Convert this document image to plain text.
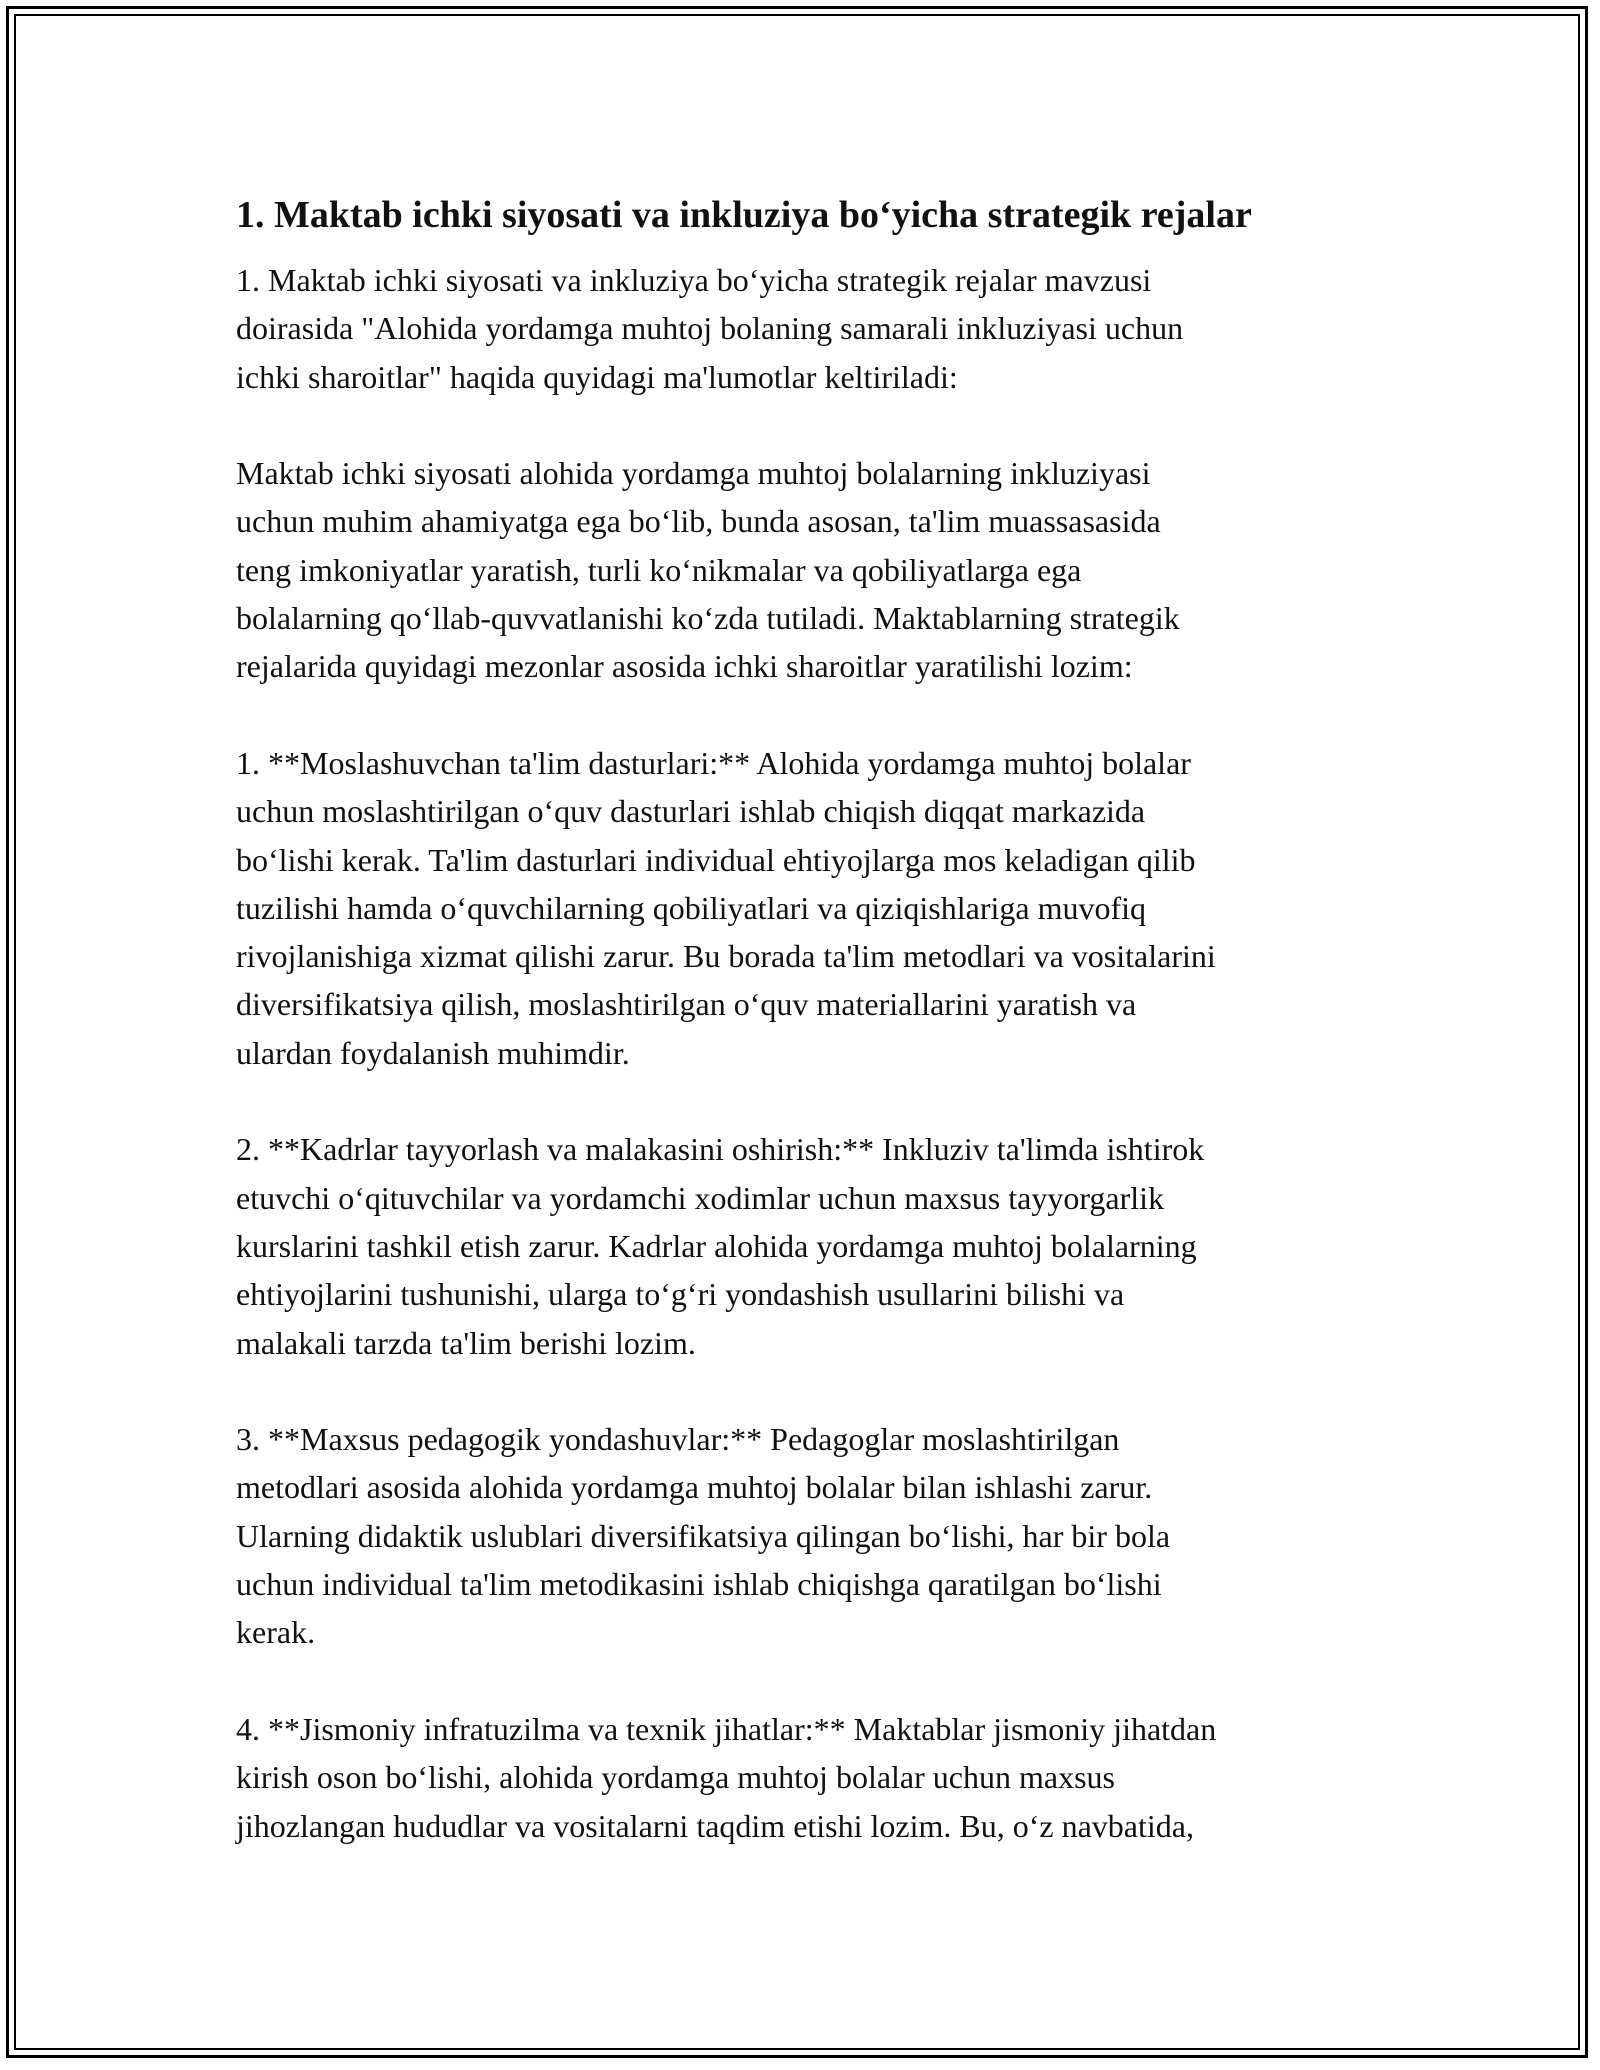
1. Maktab ichki siyosati va inkluziya bo‘yicha strategik rejalar

1. Maktab ichki siyosati va inkluziya bo‘yicha strategik rejalar mavzusi
doirasida "Alohida yordamga muhtoj bolaning samarali inkluziyasi uchun
ichki sharoitlar" haqida quyidagi ma'lumotlar keltiriladi:

Maktab ichki siyosati alohida yordamga muhtoj bolalarning inkluziyasi
uchun muhim ahamiyatga ega bo‘lib, bunda asosan, ta'lim muassasasida
teng imkoniyatlar yaratish, turli ko‘nikmalar va qobiliyatlarga ega
bolalarning qo‘llab-quvvatlanishi ko‘zda tutiladi. Maktablarning strategik
rejalarida quyidagi mezonlar asosida ichki sharoitlar yaratilishi lozim:

1. **Moslashuvchan ta'lim dasturlari:** Alohida yordamga muhtoj bolalar
uchun moslashtirilgan o‘quv dasturlari ishlab chiqish diqqat markazida
bo‘lishi kerak. Ta'lim dasturlari individual ehtiyojlarga mos keladigan qilib
tuzilishi hamda o‘quvchilarning qobiliyatlari va qiziqishlariga muvofiq
rivojlanishiga xizmat qilishi zarur. Bu borada ta'lim metodlari va vositalarini
diversifikatsiya qilish, moslashtirilgan o‘quv materiallarini yaratish va
ulardan foydalanish muhimdir.

2. **Kadrlar tayyorlash va malakasini oshirish:** Inkluziv ta'limda ishtirok
etuvchi o‘qituvchilar va yordamchi xodimlar uchun maxsus tayyorgarlik
kurslarini tashkil etish zarur. Kadrlar alohida yordamga muhtoj bolalarning
ehtiyojlarini tushunishi, ularga to‘g‘ri yondashish usullarini bilishi va
malakali tarzda ta'lim berishi lozim.

3. **Maxsus pedagogik yondashuvlar:** Pedagoglar moslashtirilgan
metodlari asosida alohida yordamga muhtoj bolalar bilan ishlashi zarur.
Ularning didaktik uslublari diversifikatsiya qilingan bo‘lishi, har bir bola
uchun individual ta'lim metodikasini ishlab chiqishga qaratilgan bo‘lishi
kerak.

4. **Jismoniy infratuzilma va texnik jihatlar:** Maktablar jismoniy jihatdan
kirish oson bo‘lishi, alohida yordamga muhtoj bolalar uchun maxsus
jihozlangan hududlar va vositalarni taqdim etishi lozim. Bu, o‘z navbatida,
